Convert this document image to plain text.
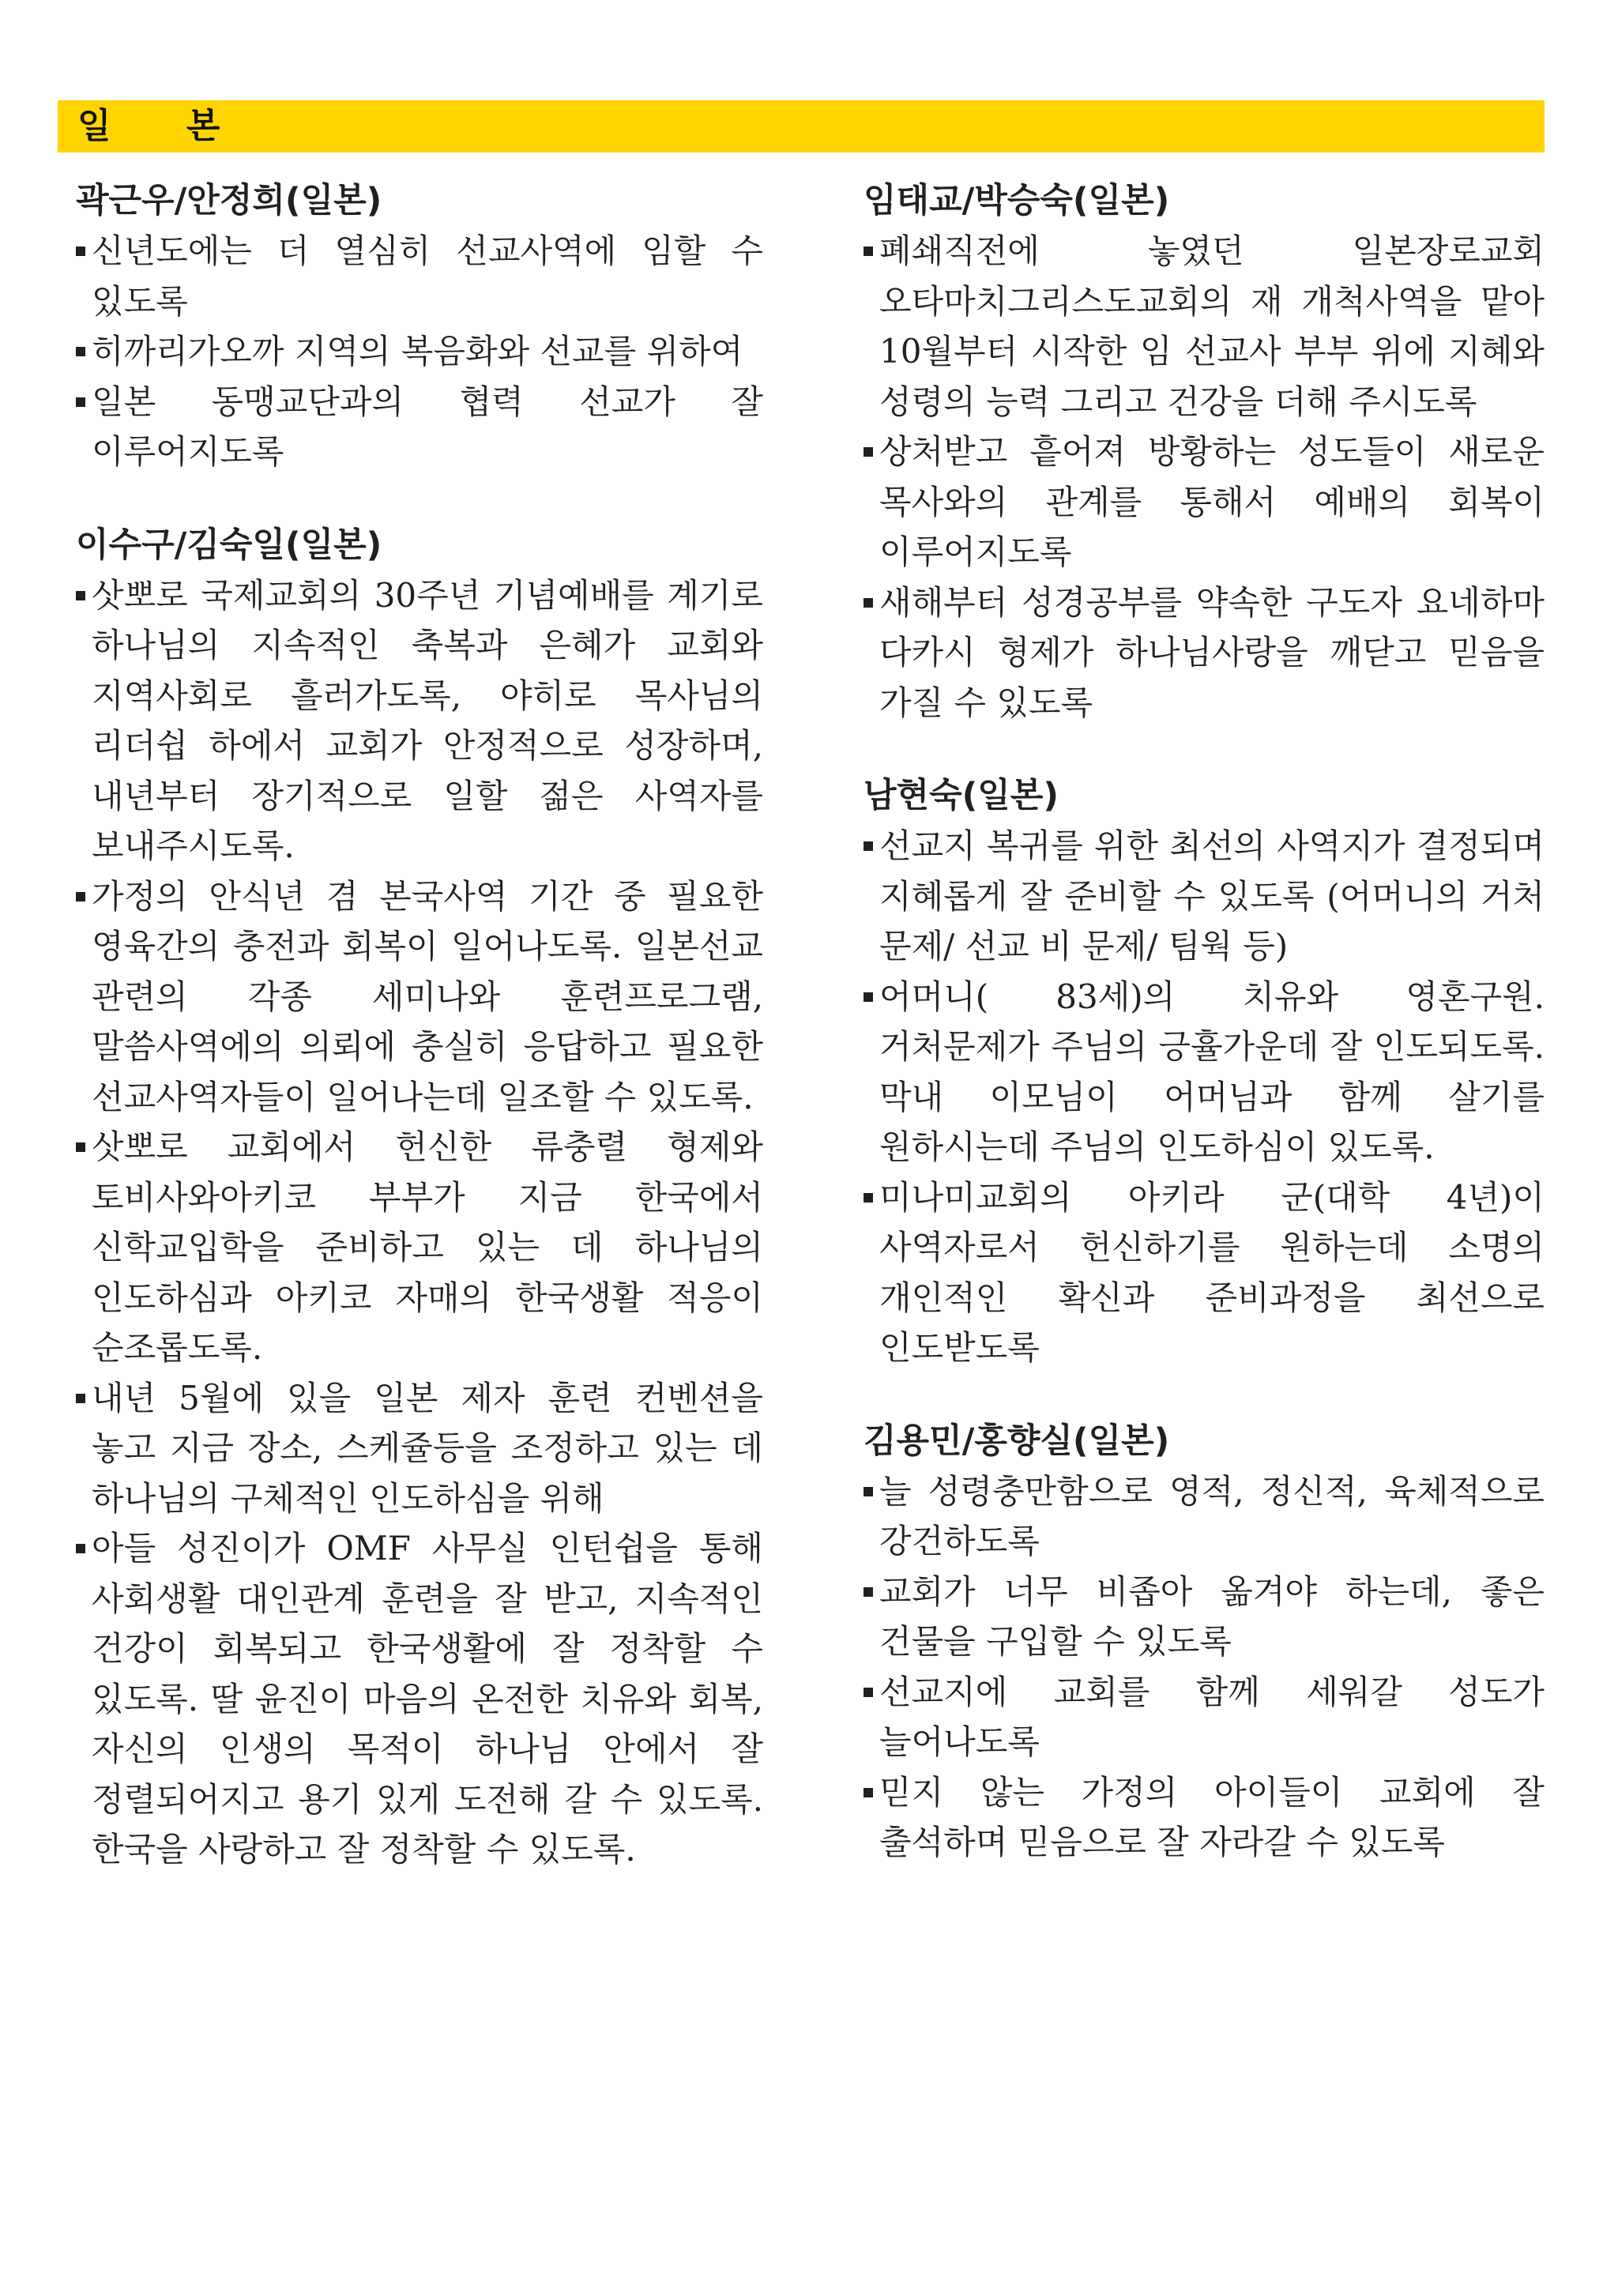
일 본
곽근우/안정희(일본)
신년도에는 더 열심히 선교사역에 임할 수 있도록
히까리가오까 지역의 복음화와 선교를 위하여
일본 동맹교단과의 협력 선교가 잘 이루어지도록
이수구/김숙일(일본)
삿뽀로 국제교회의 30주년 기념예배를 계기로 하나님의 지속적인 축복과 은혜가 교회와 지역사회로 흘러가도록, 야히로 목사님의 리더쉽 하에서 교회가 안정적으로 성장하며, 내년부터 장기적으로 일할 젊은 사역자를 보내주시도록.
가정의 안식년 겸 본국사역 기간 중 필요한 영육간의 충전과 회복이 일어나도록. 일본선교 관련의 각종 세미나와 훈련프로그램, 말씀사역에의 의뢰에 충실히 응답하고 필요한 선교사역자들이 일어나는데 일조할 수 있도록.
삿뽀로 교회에서 헌신한 류충렬 형제와 토비사와아키코 부부가 지금 한국에서 신학교입학을 준비하고 있는 데 하나님의 인도하심과 아키코 자매의 한국생활 적응이 순조롭도록.
내년 5월에 있을 일본 제자 훈련 컨벤션을 놓고 지금 장소, 스케쥴등을 조정하고 있는 데 하나님의 구체적인 인도하심을 위해
아들 성진이가 OMF 사무실 인턴쉽을 통해 사회생활 대인관계 훈련을 잘 받고, 지속적인 건강이 회복되고 한국생활에 잘 정착할 수 있도록. 딸 윤진이 마음의 온전한 치유와 회복, 자신의 인생의 목적이 하나님 안에서 잘 정렬되어지고 용기 있게 도전해 갈 수 있도록. 한국을 사랑하고 잘 정착할 수 있도록.
임태교/박승숙(일본)
폐쇄직전에 놓였던 일본장로교회 오타마치그리스도교회의 재 개척사역을 맡아 10월부터 시작한 임 선교사 부부 위에 지혜와 성령의 능력 그리고 건강을 더해 주시도록
상처받고 흩어져 방황하는 성도들이 새로운 목사와의 관계를 통해서 예배의 회복이 이루어지도록
새해부터 성경공부를 약속한 구도자 요네하마 다카시 형제가 하나님사랑을 깨닫고 믿음을 가질 수 있도록
남현숙(일본)
선교지 복귀를 위한 최선의 사역지가 결정되며 지혜롭게 잘 준비할 수 있도록 (어머니의 거처 문제/ 선교 비 문제/ 팀웍 등)
어머니( 83세)의 치유와 영혼구원. 거처문제가 주님의 긍휼가운데 잘 인도되도록. 막내 이모님이 어머님과 함께 살기를 원하시는데 주님의 인도하심이 있도록.
미나미교회의 아키라 군(대학 4년)이 사역자로서 헌신하기를 원하는데 소명의 개인적인 확신과 준비과정을 최선으로 인도받도록
김용민/홍향실(일본)
늘 성령충만함으로 영적, 정신적, 육체적으로 강건하도록
교회가 너무 비좁아 옮겨야 하는데, 좋은 건물을 구입할 수 있도록
선교지에 교회를 함께 세워갈 성도가 늘어나도록
믿지 않는 가정의 아이들이 교회에 잘 출석하며 믿음으로 잘 자라갈 수 있도록
